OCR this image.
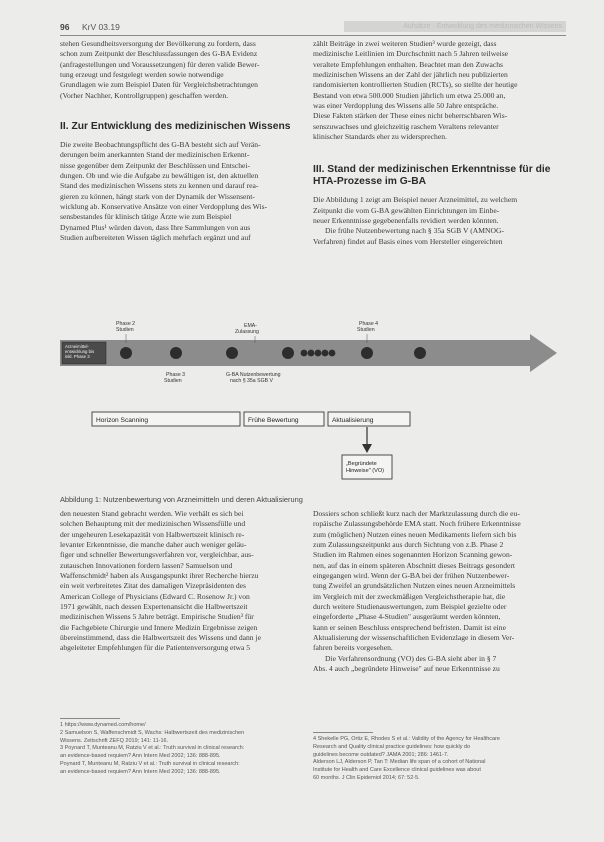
96 KrV 03.19	Aufsätze · Entwicklung des medizinischen Wissens

stehen Gesundheitsversorgung der Bevölkerung zu fordern, dass

schon zum Zeitpunkt der Beschlussfassungen des G-BA Evidenz

(anfragestellungen und Voraussetzungen) für deren valide Bewer-

tung erzeugt und festgelegt werden sowie notwendige

Grundlagen wie zum Beispiel Daten für Vergleichsbetrachtungen

(Vorher Nachher, Kontrollgruppen) geschaffen werden.

II. Zur Entwicklung des medizinischen Wissens

Die zweite Beobachtungspflicht des G-BA besteht sich auf Verän-

derungen beim anerkannten Stand der medizinischen Erkennt-

nisse gegenüber dem Zeitpunkt der Beschlüssen und Entschei-

dungen. Ob und wie die Aufgabe zu bewältigen ist, den aktuellen

Stand des medizinischen Wissens stets zu kennen und darauf rea-

gieren zu können, hängt stark von der Dynamik der Wissensent-

wicklung ab. Konservative Ansätze von einer Verdopplung des Wis-

sensbestandes für klinisch tätige Ärzte wie zum Beispiel

Dynamed Plus¹ würden davon, dass Ihre Sammlungen von aus

Studien aufbereiteten Wissen täglich mehrfach ergänzt und auf

zählt Beiträge in zwei weiteren Studien³ wurde gezeigt, dass

medizinische Leitlinien im Durchschnitt nach 5 Jahren teilweise

veraltete Empfehlungen enthalten. Beachtet man den Zuwachs

medizinischen Wissens an der Zahl der jährlich neu publizierten

randomisierten kontrollierten Studien (RCTs), so stellte der heutige

Bestand von etwa 500.000 Studien jährlich um etwa 25.000 an,

was einer Verdopplung des Wissens alle 50 Jahre entspräche.

Diese Fakten stärken der These eines nicht beherrschbaren Wis-

senszuwachses und gleichzeitig raschem Veraltens relevanter

klinischer Standards eher zu widersprechen.

III. Stand der medizinischen Erkenntnisse für die
HTA-Prozesse im G-BA

Die Abbildung 1 zeigt am Beispiel neuer Arzneimittel, zu welchem

Zeitpunkt die vom G-BA gewählten Einrichtungen im Einbe-

neuer Erkenntnisse gegebenenfalls revidiert werden könnten.

Die frühe Nutzenbewertung nach § 35a SGB V (AMNOG-

Verfahren) findet auf Basis eines vom Hersteller eingereichten

Arzneimittel- entwicklung bis inkl. Phase 3
Phase 2 Studien
EMA- Zulassung
Phase 4 Studien
Phase 3 Studien
G-BA Nutzenbewertung nach § 35a SGB V
Horizon Scanning	Frühe Bewertung	Aktualisierung
„Begründete Hinweise" (VO)
Abbildung 1: Nutzenbewertung von Arzneimitteln und deren Aktualisierung

den neuesten Stand gebracht werden. Wie verhält es sich bei

solchen Behauptung mit der medizinischen Wissensfülle und

der ungeheuren Lesekapazität von Halbwertszeit klinisch re-

levanter Erkenntnisse, die manche daher auch weniger geläu-

figer und schneller Bewertungsverfahren vor, vergleichbar, aus-

zutauschen Innovationen fordern lassen? Samuelson und

Waffenschmidt² haben als Ausgangspunkt ihrer Recherche hierzu

ein weit verbreitetes Zitat des damaligen Vizepräsidenten des

American College of Physicians (Edward C. Rosenow Jr.) von

1971 gewählt, nach dessen Expertenansicht die Halbwertszeit

medizinischen Wissens 5 Jahre beträgt. Empirische Studien³ für

die Fachgebiete Chirurgie und Innere Medizin Ergebnisse zeigen

übereinstimmend, dass die Halbwertszeit des Wissens und dann je

abgeleiteter Empfehlungen für die Patientenversorgung etwa 5

Dossiers schon schließt kurz nach der Marktzulassung durch die eu-

ropäische Zulassungsbehörde EMA statt. Noch frühere Erkenntnisse

zum (möglichen) Nutzen eines neuen Medikaments liefern sich bis

zum Zulassungszeitpunkt aus durch Sichtung von z.B. Phase 2

Studien im Rahmen eines sogenannten Horizon Scanning gewon-

nen, auf das in einem späteren Abschnitt dieses Beitrags gesondert

eingegangen wird. Wenn der G-BA bei der frühen Nutzenbewer-

tung Zweifel an grundsätzlichen Nutzen eines neuen Arzneimittels

im Vergleich mit der zweckmäßigen Vergleichstherapie hat, die

durch weitere Studienauswertungen, zum Beispiel gezielte oder

eingeforderte „Phase 4-Studien" ausgeräumt werden könnten,

kann er seinen Beschluss entsprechend befristen. Damit ist eine

Aktualisierung der wissenschaftlichen Evidenzlage in diesem Ver-

fahren bereits vorgesehen.

Die Verfahrensordnung (VO) des G-BA sieht aber in § 7

Abs. 4 auch „begründete Hinweise" auf neue Erkenntnisse zu

1 https://www.dynamed.com/home/

2 Samuelson S, Waffenschmidt S, Wachs: Halbwertszeit des medizinischen

Wissens. Zeitschrift ZEFQ 2019; 141: 11-16.

3 Poynard T, Munteanu M, Ratziu V et al.: Truth survival in clinical research:

an evidence-based requiem? Ann Intern Med 2002; 136: 888-895.

Poynard T, Munteanu M, Ratziu V et al.: Truth survival in clinical research:

an evidence-based requiem? Ann Intern Med 2002; 136: 888-895.

4 Shekelle PG, Ortiz E, Rhodes S et al.: Validity of the Agency for Healthcare

Research and Quality clinical practice guidelines: how quickly do

guidelines become outdated? JAMA 2001; 286: 1461-7.

Alderson LJ, Alderson P, Tan T: Median life span of a cohort of National

Institute for Health and Care Excellence clinical guidelines was about

60 months. J Clin Epidemiol 2014; 67: 52-5.
